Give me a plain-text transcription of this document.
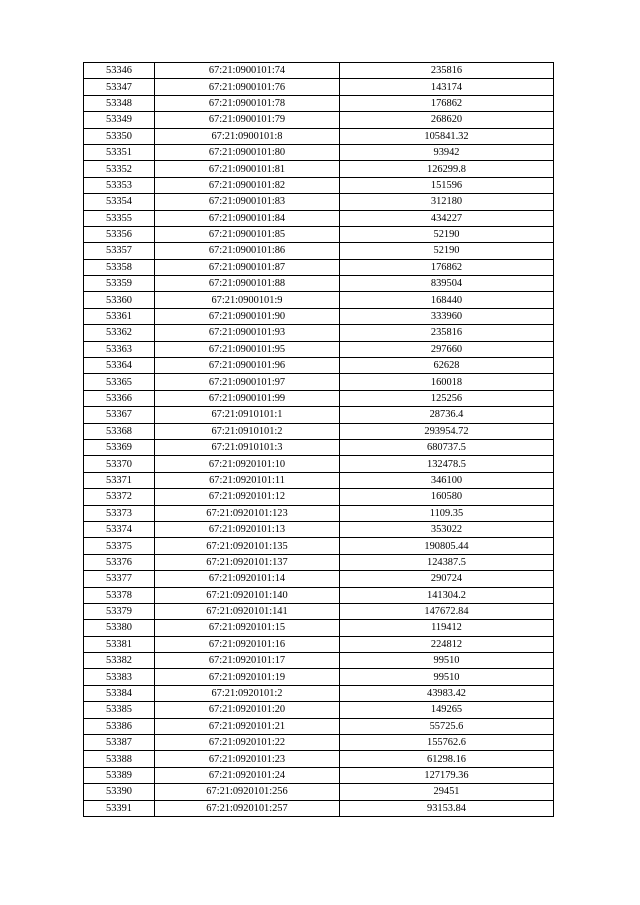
53346	67:21:0900101:74	235816
53347	67:21:0900101:76	143174
53348	67:21:0900101:78	176862
53349	67:21:0900101:79	268620
53350	67:21:0900101:8	105841.32
53351	67:21:0900101:80	93942
53352	67:21:0900101:81	126299.8
53353	67:21:0900101:82	151596
53354	67:21:0900101:83	312180
53355	67:21:0900101:84	434227
53356	67:21:0900101:85	52190
53357	67:21:0900101:86	52190
53358	67:21:0900101:87	176862
53359	67:21:0900101:88	839504
53360	67:21:0900101:9	168440
53361	67:21:0900101:90	333960
53362	67:21:0900101:93	235816
53363	67:21:0900101:95	297660
53364	67:21:0900101:96	62628
53365	67:21:0900101:97	160018
53366	67:21:0900101:99	125256
53367	67:21:0910101:1	28736.4
53368	67:21:0910101:2	293954.72
53369	67:21:0910101:3	680737.5
53370	67:21:0920101:10	132478.5
53371	67:21:0920101:11	346100
53372	67:21:0920101:12	160580
53373	67:21:0920101:123	1109.35
53374	67:21:0920101:13	353022
53375	67:21:0920101:135	190805.44
53376	67:21:0920101:137	124387.5
53377	67:21:0920101:14	290724
53378	67:21:0920101:140	141304.2
53379	67:21:0920101:141	147672.84
53380	67:21:0920101:15	119412
53381	67:21:0920101:16	224812
53382	67:21:0920101:17	99510
53383	67:21:0920101:19	99510
53384	67:21:0920101:2	43983.42
53385	67:21:0920101:20	149265
53386	67:21:0920101:21	55725.6
53387	67:21:0920101:22	155762.6
53388	67:21:0920101:23	61298.16
53389	67:21:0920101:24	127179.36
53390	67:21:0920101:256	29451
53391	67:21:0920101:257	93153.84
